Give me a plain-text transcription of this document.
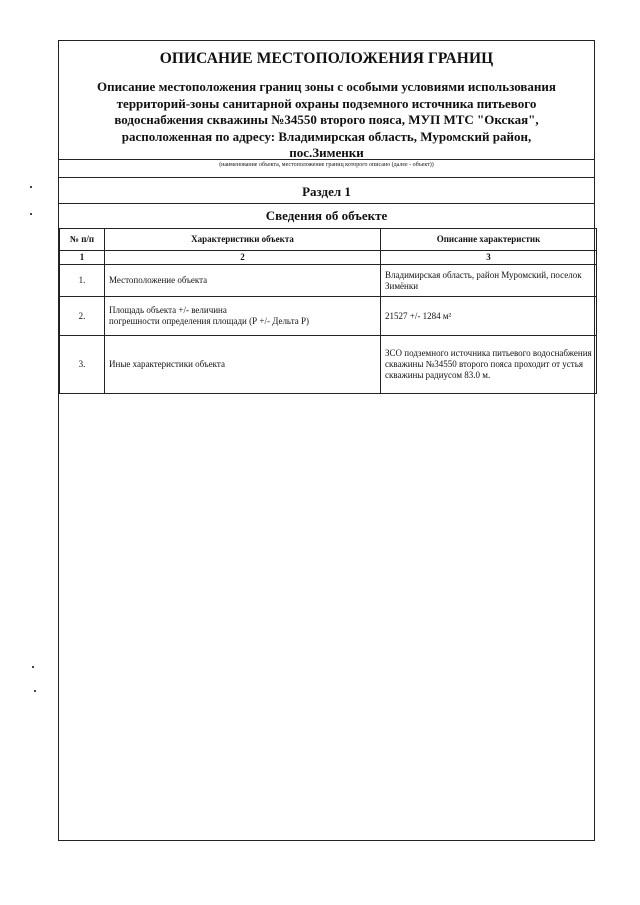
ОПИСАНИЕ МЕСТОПОЛОЖЕНИЯ ГРАНИЦ
Описание местоположения границ зоны с особыми условиями использования
территорий-зоны санитарной охраны подземного источника питьевого
водоснабжения скважины №34550 второго пояса, МУП МТС "Окская",
расположенная по адресу: Владимирская область, Муромский район,
пос.Зименки
(наименование объекта, местоположение границ которого описано (далее - объект))
Раздел 1
Сведения об объекте
№ п/п	Характеристики объекта	Описание характеристик
1	2	3
1.	Местоположение объекта	Владимирская область, район Муромский, поселок Зимёнки
2.	Площадь объекта +/- величина
погрешности определения площади (Р +/- Дельта Р)	21527 +/- 1284 м²
3.	Иные характеристики объекта	ЗСО подземного источника питьевого водоснабжения скважины №34550 второго пояса проходит от устья скважины радиусом 83.0 м.
